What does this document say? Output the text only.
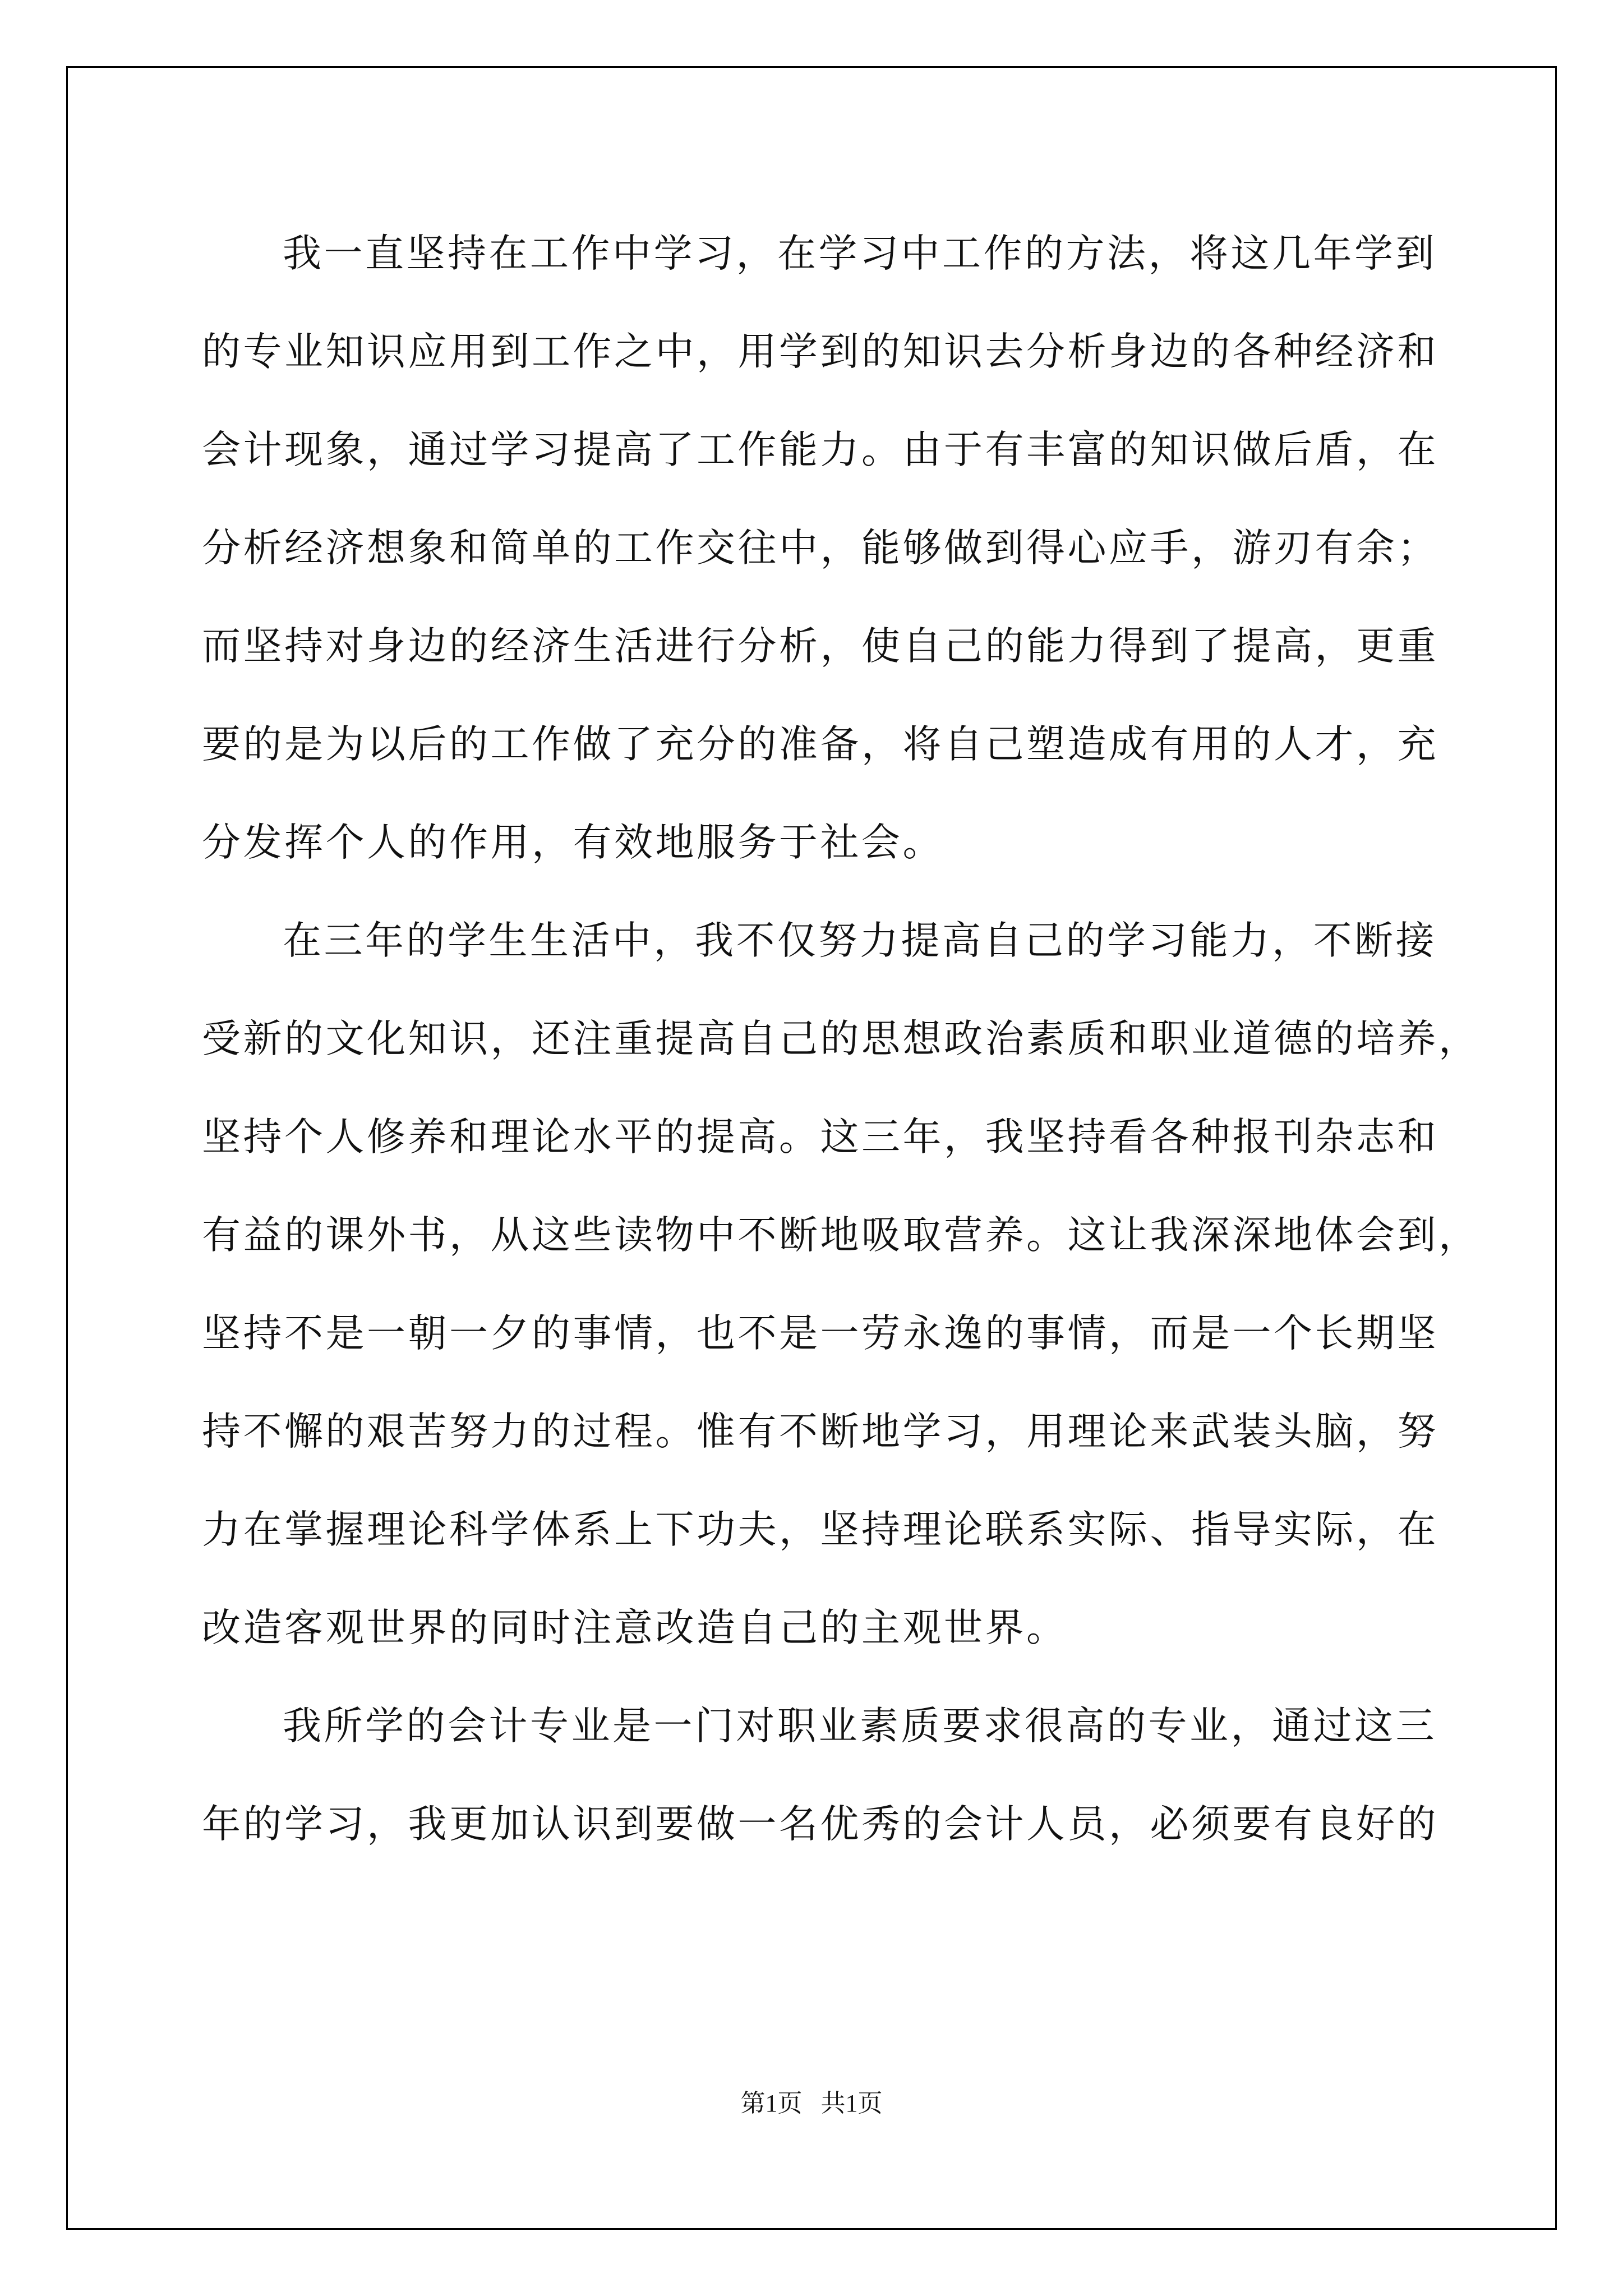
我一直坚持在工作中学习，在学习中工作的方法，将这几年学到
的专业知识应用到工作之中，用学到的知识去分析身边的各种经济和
会计现象，通过学习提高了工作能力。由于有丰富的知识做后盾，在
分析经济想象和简单的工作交往中，能够做到得心应手，游刃有余；
而坚持对身边的经济生活进行分析，使自己的能力得到了提高，更重
要的是为以后的工作做了充分的准备，将自己塑造成有用的人才，充
分发挥个人的作用，有效地服务于社会。
在三年的学生生活中，我不仅努力提高自己的学习能力，不断接
受新的文化知识，还注重提高自己的思想政治素质和职业道德的培养，
坚持个人修养和理论水平的提高。这三年，我坚持看各种报刊杂志和
有益的课外书，从这些读物中不断地吸取营养。这让我深深地体会到，
坚持不是一朝一夕的事情，也不是一劳永逸的事情，而是一个长期坚
持不懈的艰苦努力的过程。惟有不断地学习，用理论来武装头脑，努
力在掌握理论科学体系上下功夫，坚持理论联系实际、指导实际，在
改造客观世界的同时注意改造自己的主观世界。
我所学的会计专业是一门对职业素质要求很高的专业，通过这三
年的学习，我更加认识到要做一名优秀的会计人员，必须要有良好的
第1页   共1页
